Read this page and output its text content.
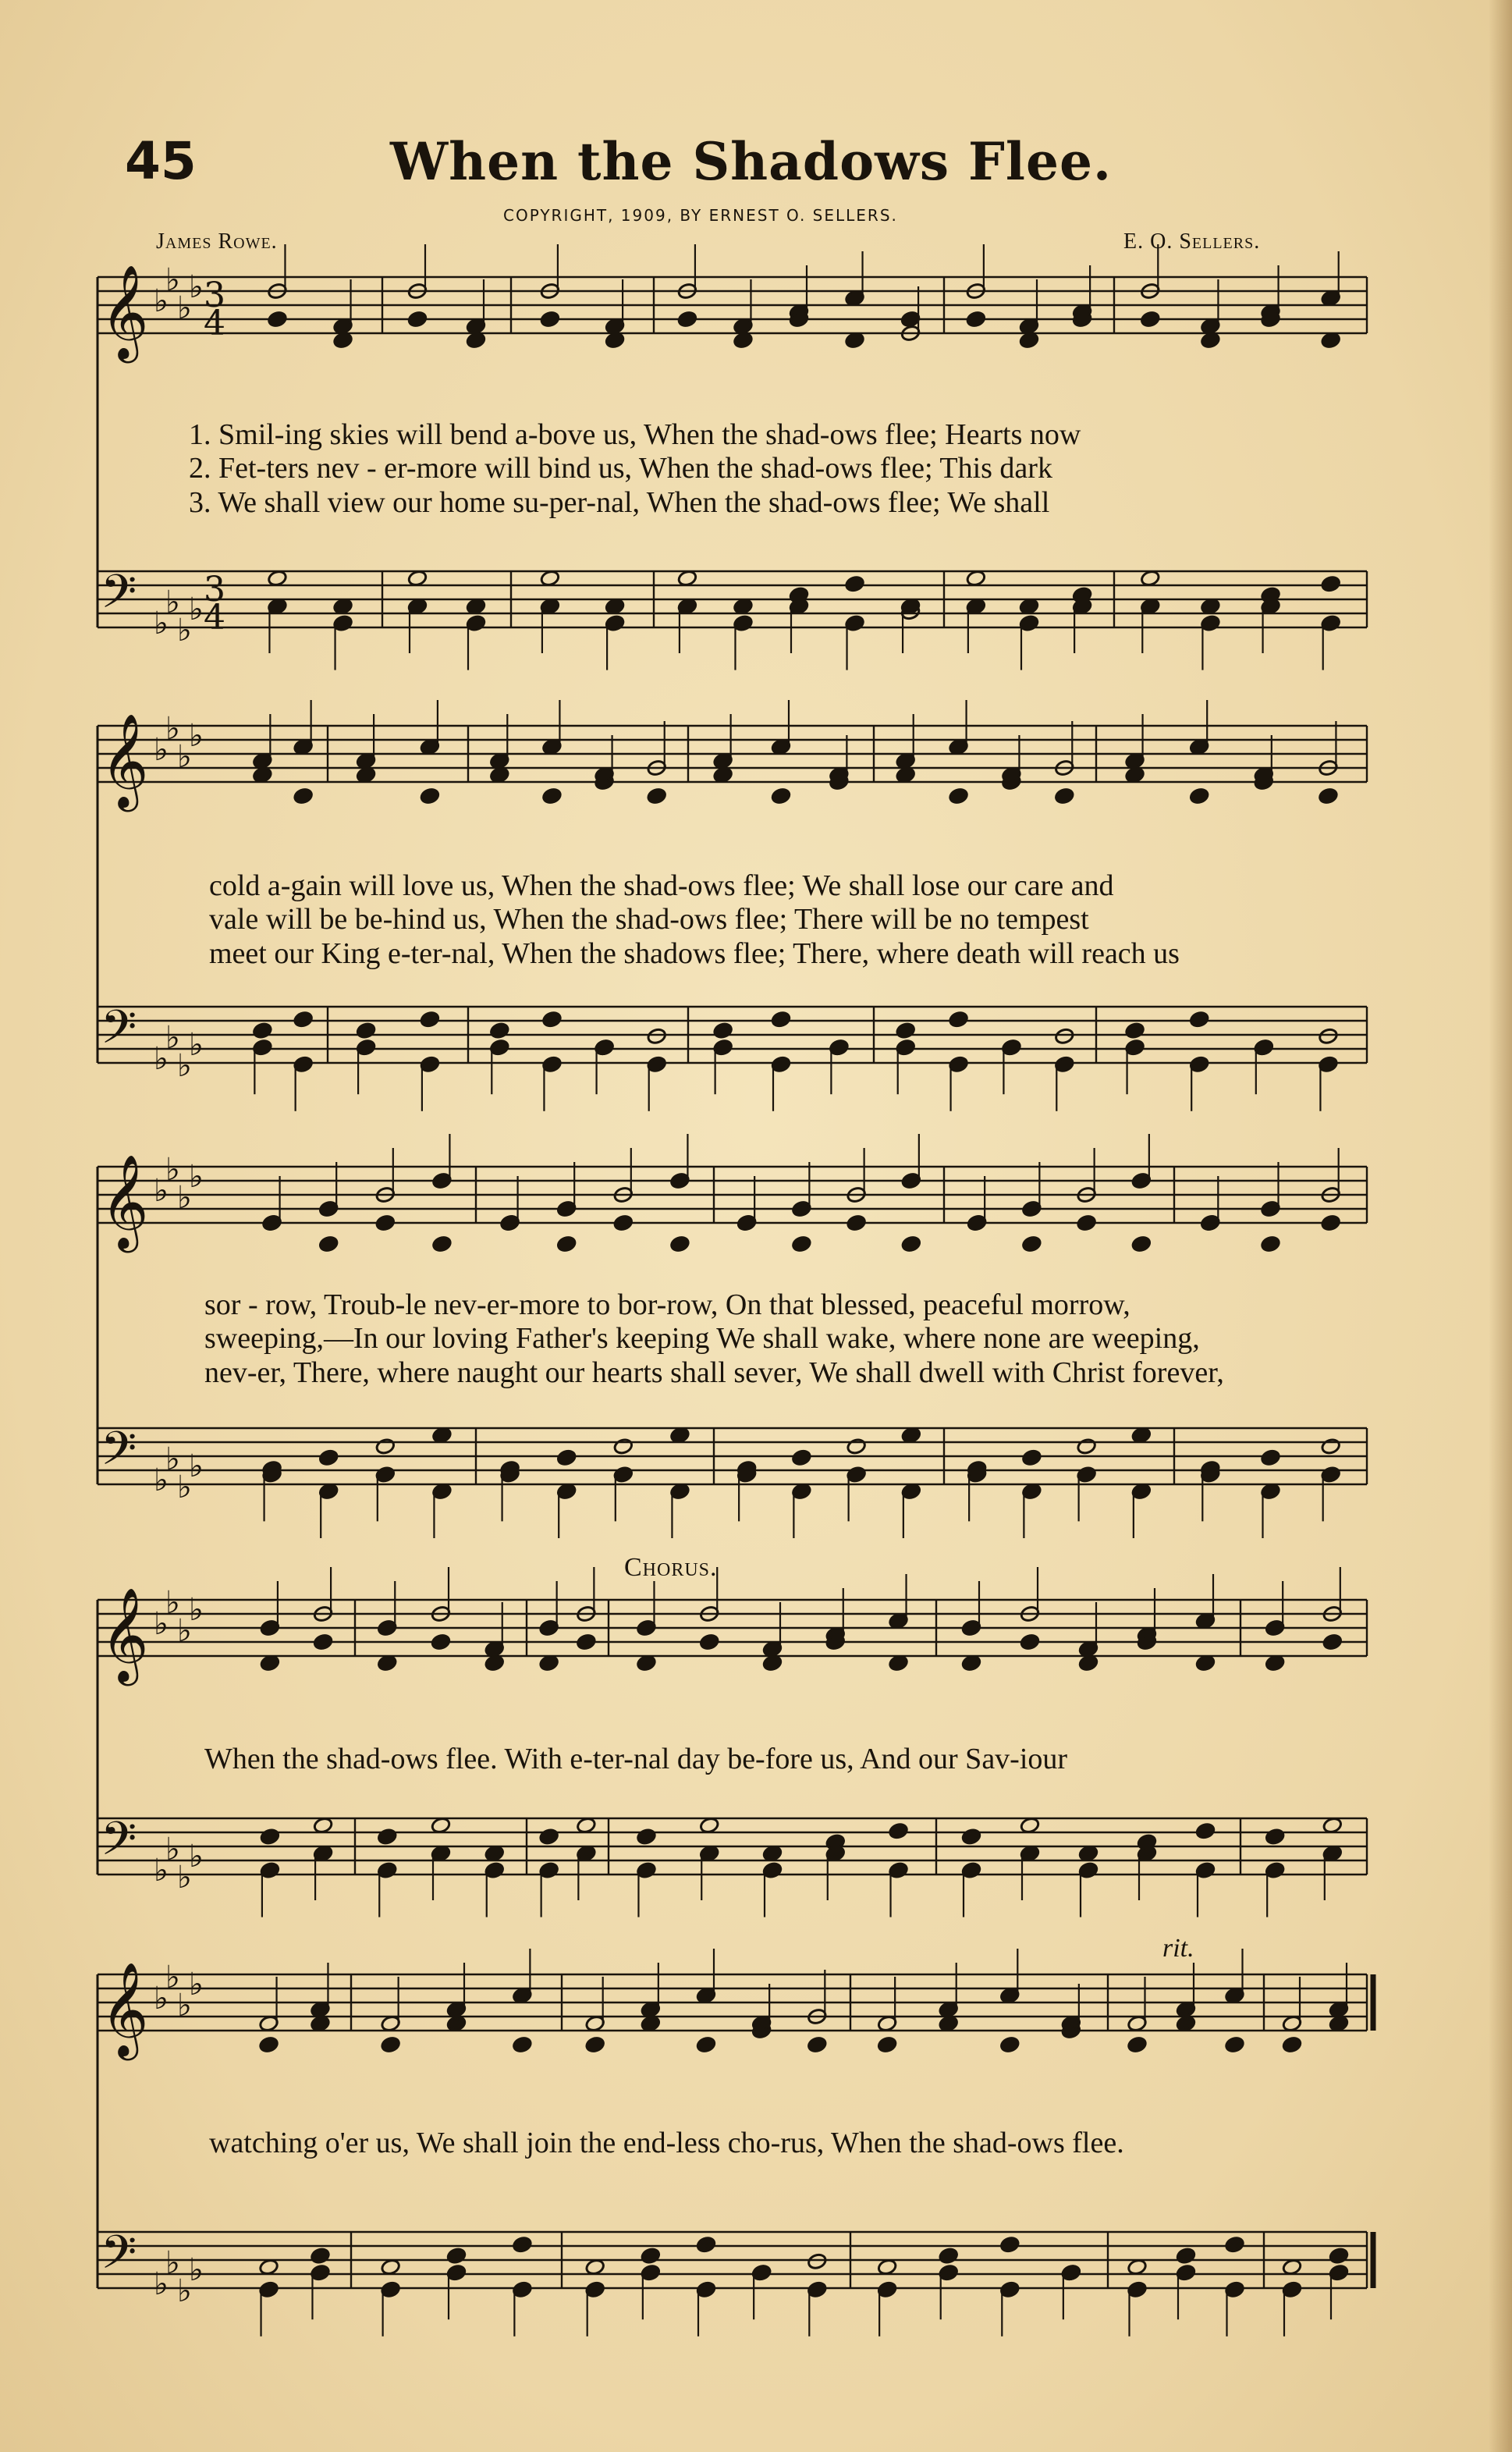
45	When the Shadows Flee.
COPYRIGHT, 1909, BY ERNEST O. SELLERS.
James Rowe.	E. O. Sellers.
𝄞 ♭
♭
♭
♭ 3
4
𝄢 ♭
♭
♭
♭ 3
4
𝄞 ♭
♭
♭
♭
𝄢 ♭
♭
♭
♭
𝄞 ♭
♭
♭
♭
𝄢 ♭
♭
♭
♭
𝄞 ♭
♭
♭
♭
𝄢 ♭
♭
♭
♭
𝄞 ♭
♭
♭
♭
𝄢 ♭
♭
♭
♭
1. Smil-ing skies will bend a-bove us, When the shad-ows flee; Hearts now
2. Fet-ters nev - er-more will bind us, When the shad-ows flee; This dark
3. We shall view our home su-per-nal, When the shad-ows flee; We shall
cold a-gain will love us, When the shad-ows flee; We shall lose our care and
vale will be be-hind us, When the shad-ows flee; There will be no tempest
meet our King e-ter-nal, When the shadows flee; There, where death will reach us
sor - row, Troub-le nev-er-more to bor-row, On that blessed, peaceful morrow,
sweeping,—In our loving Father's keeping We shall wake, where none are weeping,
nev-er, There, where naught our hearts shall sever, We shall dwell with Christ forever,
Chorus.
When the shad-ows flee. With e-ter-nal day be-fore us, And our Sav-iour
rit.
watching o'er us, We shall join the end-less cho-rus, When the shad-ows flee.
